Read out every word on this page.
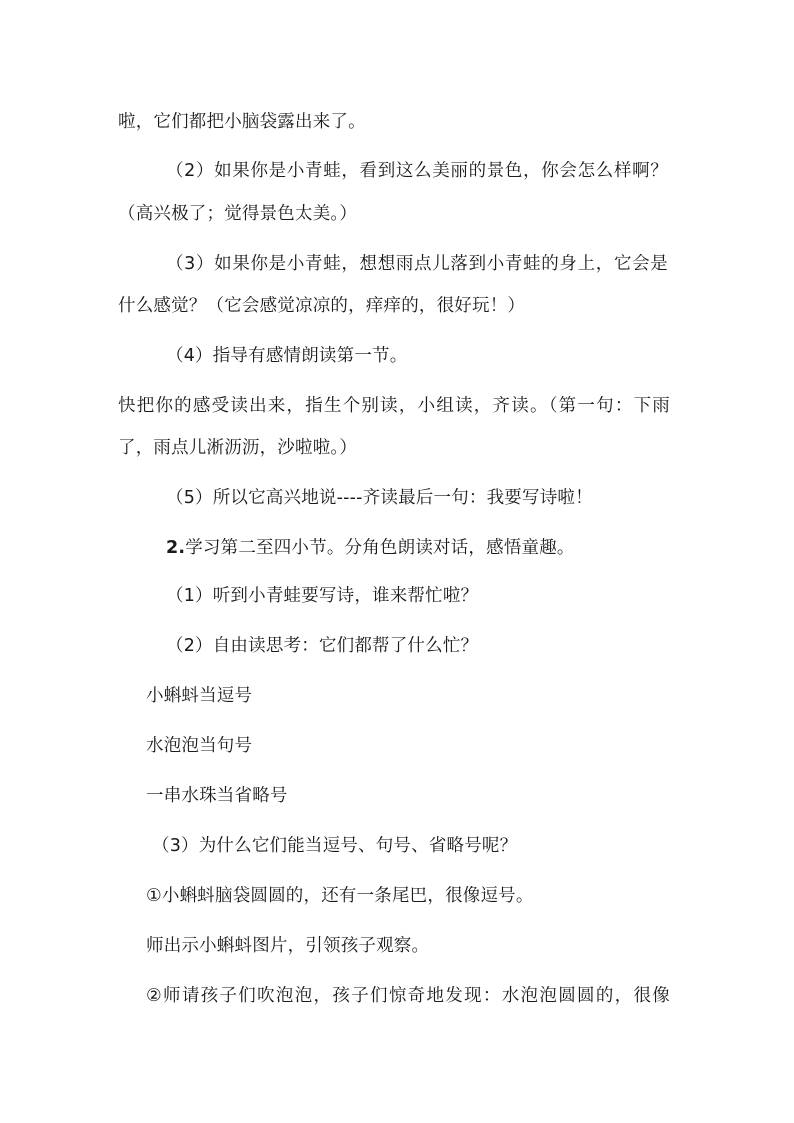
啦，它们都把小脑袋露出来了。
（2）如果你是小青蛙，看到这么美丽的景色，你会怎么样啊？
（高兴极了；觉得景色太美。）
（3）如果你是小青蛙，想想雨点儿落到小青蛙的身上，它会是
什么感觉？（它会感觉凉凉的，痒痒的，很好玩！）
（4）指导有感情朗读第一节。
快把你的感受读出来，指生个别读，小组读，齐读。（第一句：下雨
了，雨点儿淅沥沥，沙啦啦。）
（5）所以它高兴地说----齐读最后一句：我要写诗啦！
2.学习第二至四小节。分角色朗读对话，感悟童趣。
（1）听到小青蛙要写诗，谁来帮忙啦？
（2）自由读思考：它们都帮了什么忙？
小蝌蚪当逗号
水泡泡当句号
一串水珠当省略号
（3）为什么它们能当逗号、句号、省略号呢？
①小蝌蚪脑袋圆圆的，还有一条尾巴，很像逗号。
师出示小蝌蚪图片，引领孩子观察。
②师请孩子们吹泡泡，孩子们惊奇地发现：水泡泡圆圆的，很像
